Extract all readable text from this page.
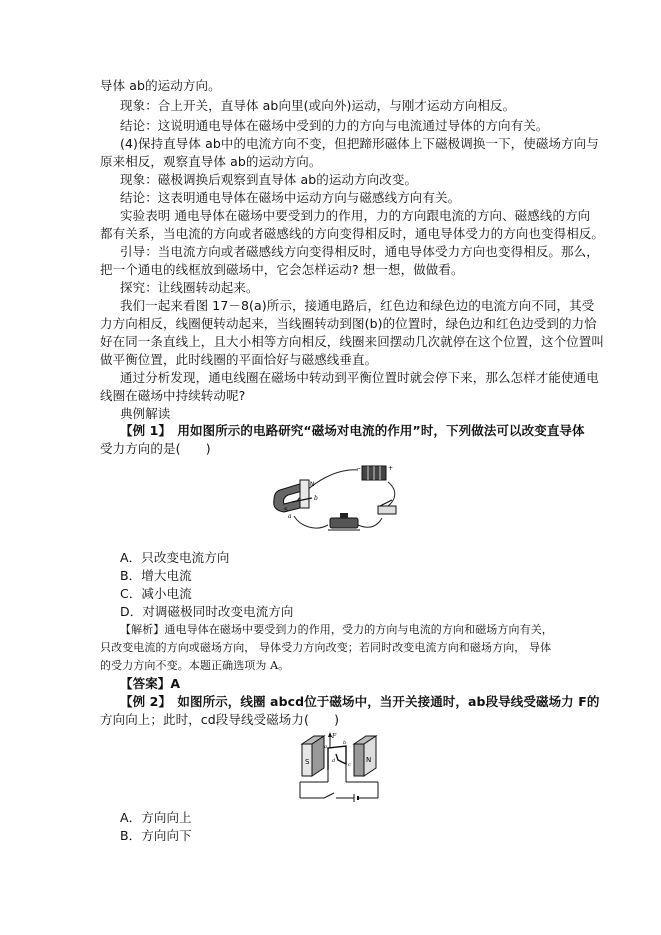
导体 ab的运动方向。
现象：合上开关，直导体 ab向里(或向外)运动，与刚才运动方向相反。
结论：这说明通电导体在磁场中受到的力的方向与电流通过导体的方向有关。
(4)保持直导体 ab中的电流方向不变，但把蹄形磁体上下磁极调换一下，使磁场方向与
原来相反，观察直导体 ab的运动方向。
现象：磁极调换后观察到直导体 ab的运动方向改变。
结论：这表明通电导体在磁场中运动方向与磁感线方向有关。
实验表明 通电导体在磁场中要受到力的作用，力的方向跟电流的方向、磁感线的方向
都有关系，当电流的方向或者磁感线的方向变得相反时，通电导体受力的方向也变得相反。
引导：当电流方向或者磁感线方向变得相反时，通电导体受力方向也变得相反。那么，
把一个通电的线框放到磁场中，它会怎样运动? 想一想，做做看。
探究：让线圈转动起来。
我们一起来看图 17－8(a)所示，接通电路后，红色边和绿色边的电流方向不同，其受
力方向相反，线圈便转动起来，当线圈转动到图(b)的位置时，绿色边和红色边受到的力恰
好在同一条直线上，且大小相等方向相反，线圈来回摆动几次就停在这个位置，这个位置叫
做平衡位置，此时线圈的平面恰好与磁感线垂直。
通过分析发现，通电线圈在磁场中转动到平衡位置时就会停下来，那么怎样才能使通电
线圈在磁场中持续转动呢?
典例解读
【例 1】　用如图所示的电路研究“磁场对电流的作用”时，下列做法可以改变直导体
受力方向的是(　　)
N
S
b
a
+
−
A．只改变电流方向
B．增大电流
C．减小电流
D．对调磁极同时改变电流方向
【解析】通电导体在磁场中要受到力的作用，受力的方向与电流的方向和磁场方向有关，
只改变电流的方向或磁场方向， 导体受力方向改变；若同时改变电流方向和磁场方向， 导体
的受力方向不变。本题正确选项为 A。
【答案】A
【例 2】　如图所示，线圈 abcd位于磁场中，当开关接通时，ab段导线受磁场力 F的
方向向上；此时，cd段导线受磁场力(　　)
S	N
F
a
b
c
d
A．方向向上
B．方向向下
